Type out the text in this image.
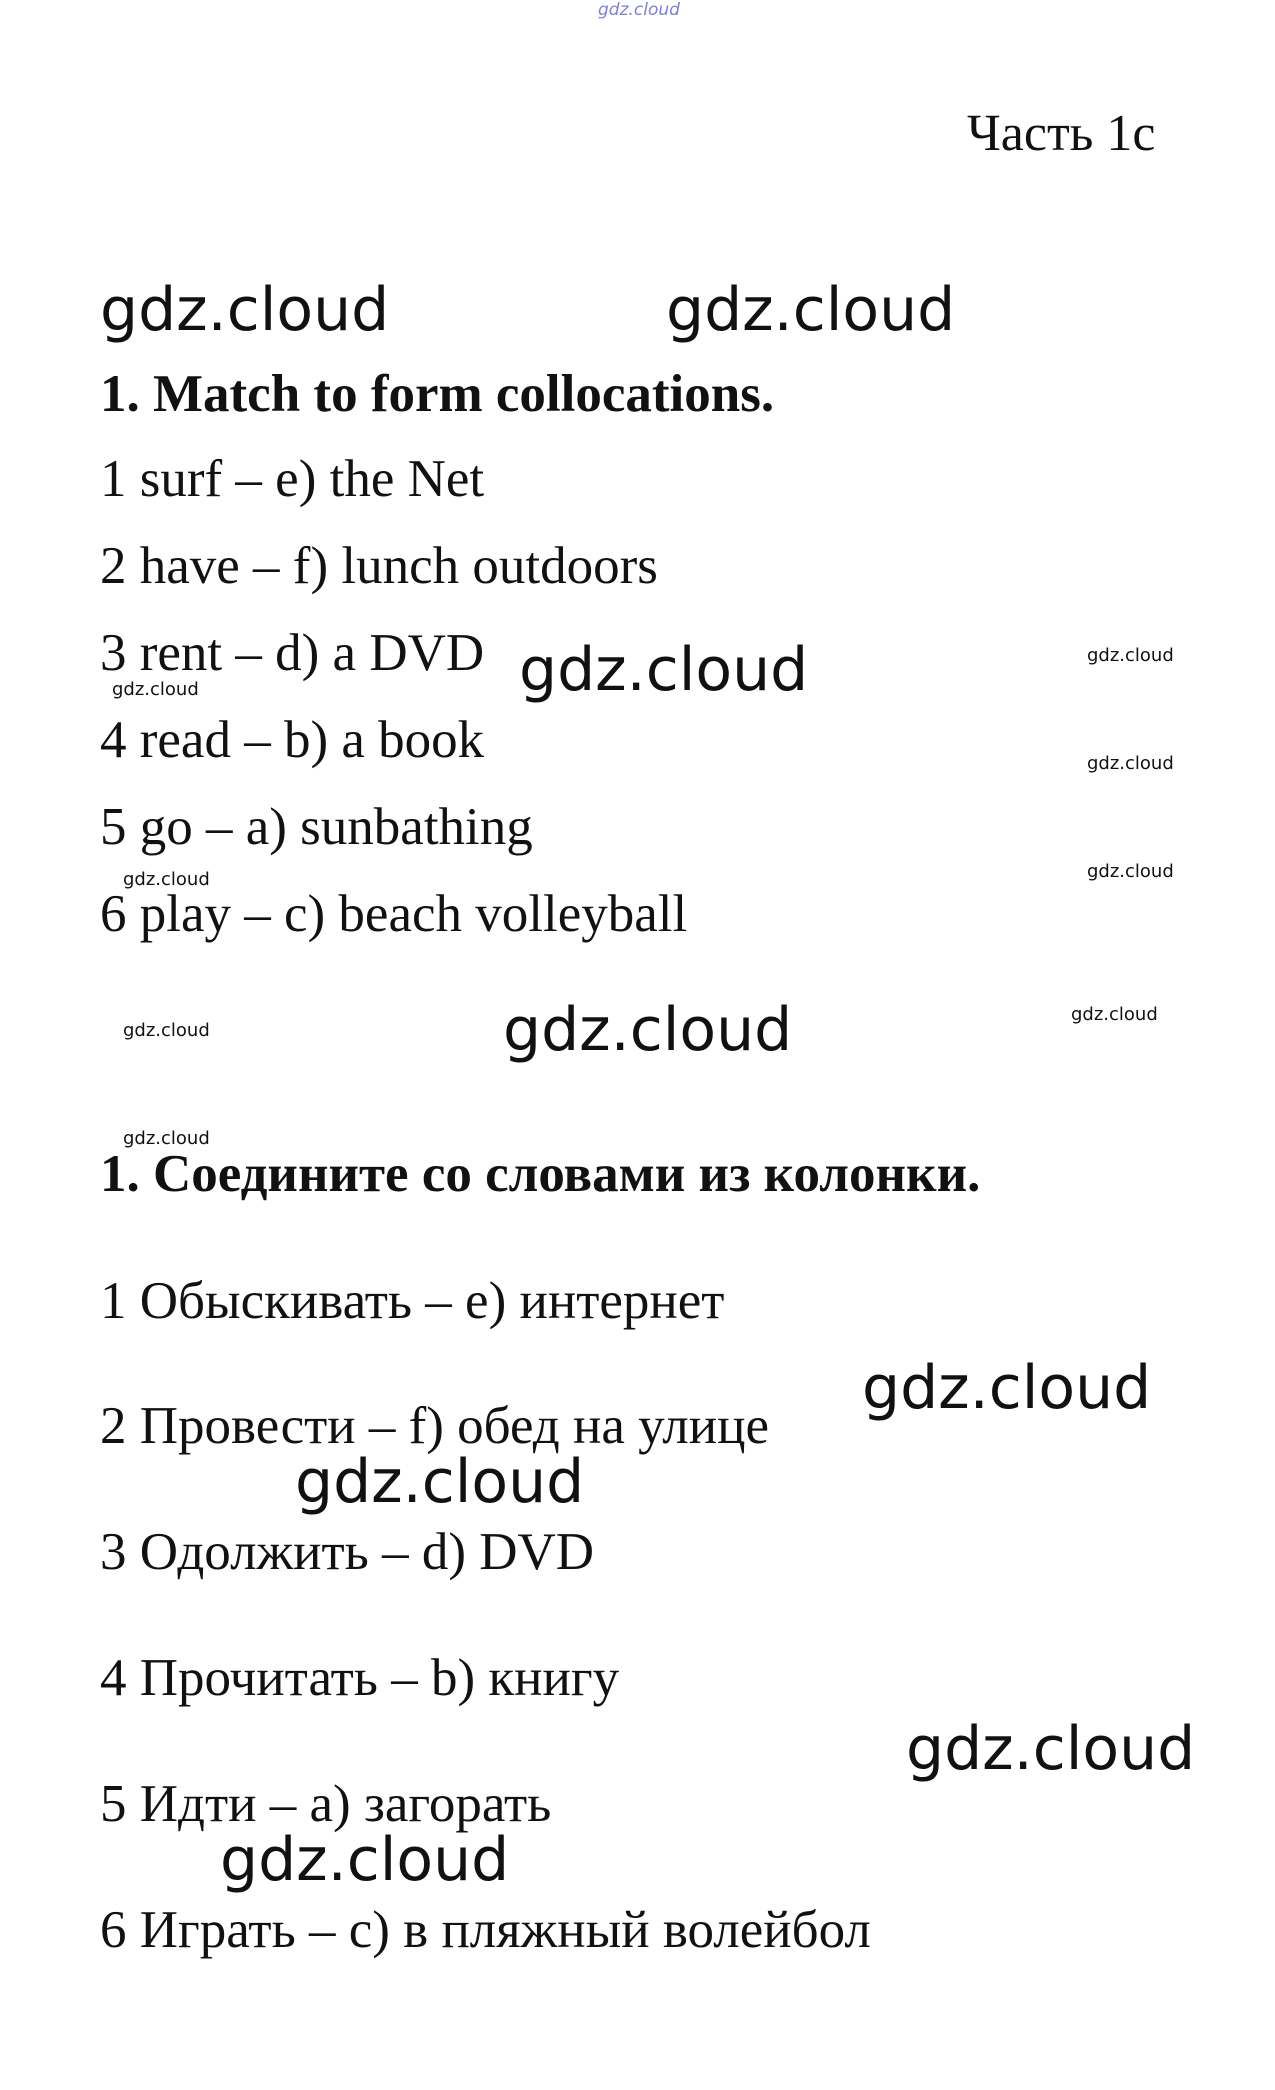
gdz.cloud
Часть 1с
gdz.cloud	gdz.cloud
1. Match to form collocations.
1 surf – e) the Net
2 have – f) lunch outdoors
3 rent – d) a DVD
4 read – b) a book
5 go – a) sunbathing
6 play – c) beach volleyball
gdz.cloud	gdz.cloud
gdz.cloud
gdz.cloud
gdz.cloud
gdz.cloud
gdz.cloud	gdz.cloud	gdz.cloud
gdz.cloud
1. Соедините со словами из колонки.
1 Обыскивать – e) интернет
2 Провести – f) обед на улице
3 Одолжить – d) DVD
4 Прочитать – b) книгу
5 Идти – a) загорать
6 Играть – c) в пляжный волейбол
gdz.cloud
gdz.cloud
gdz.cloud
gdz.cloud
